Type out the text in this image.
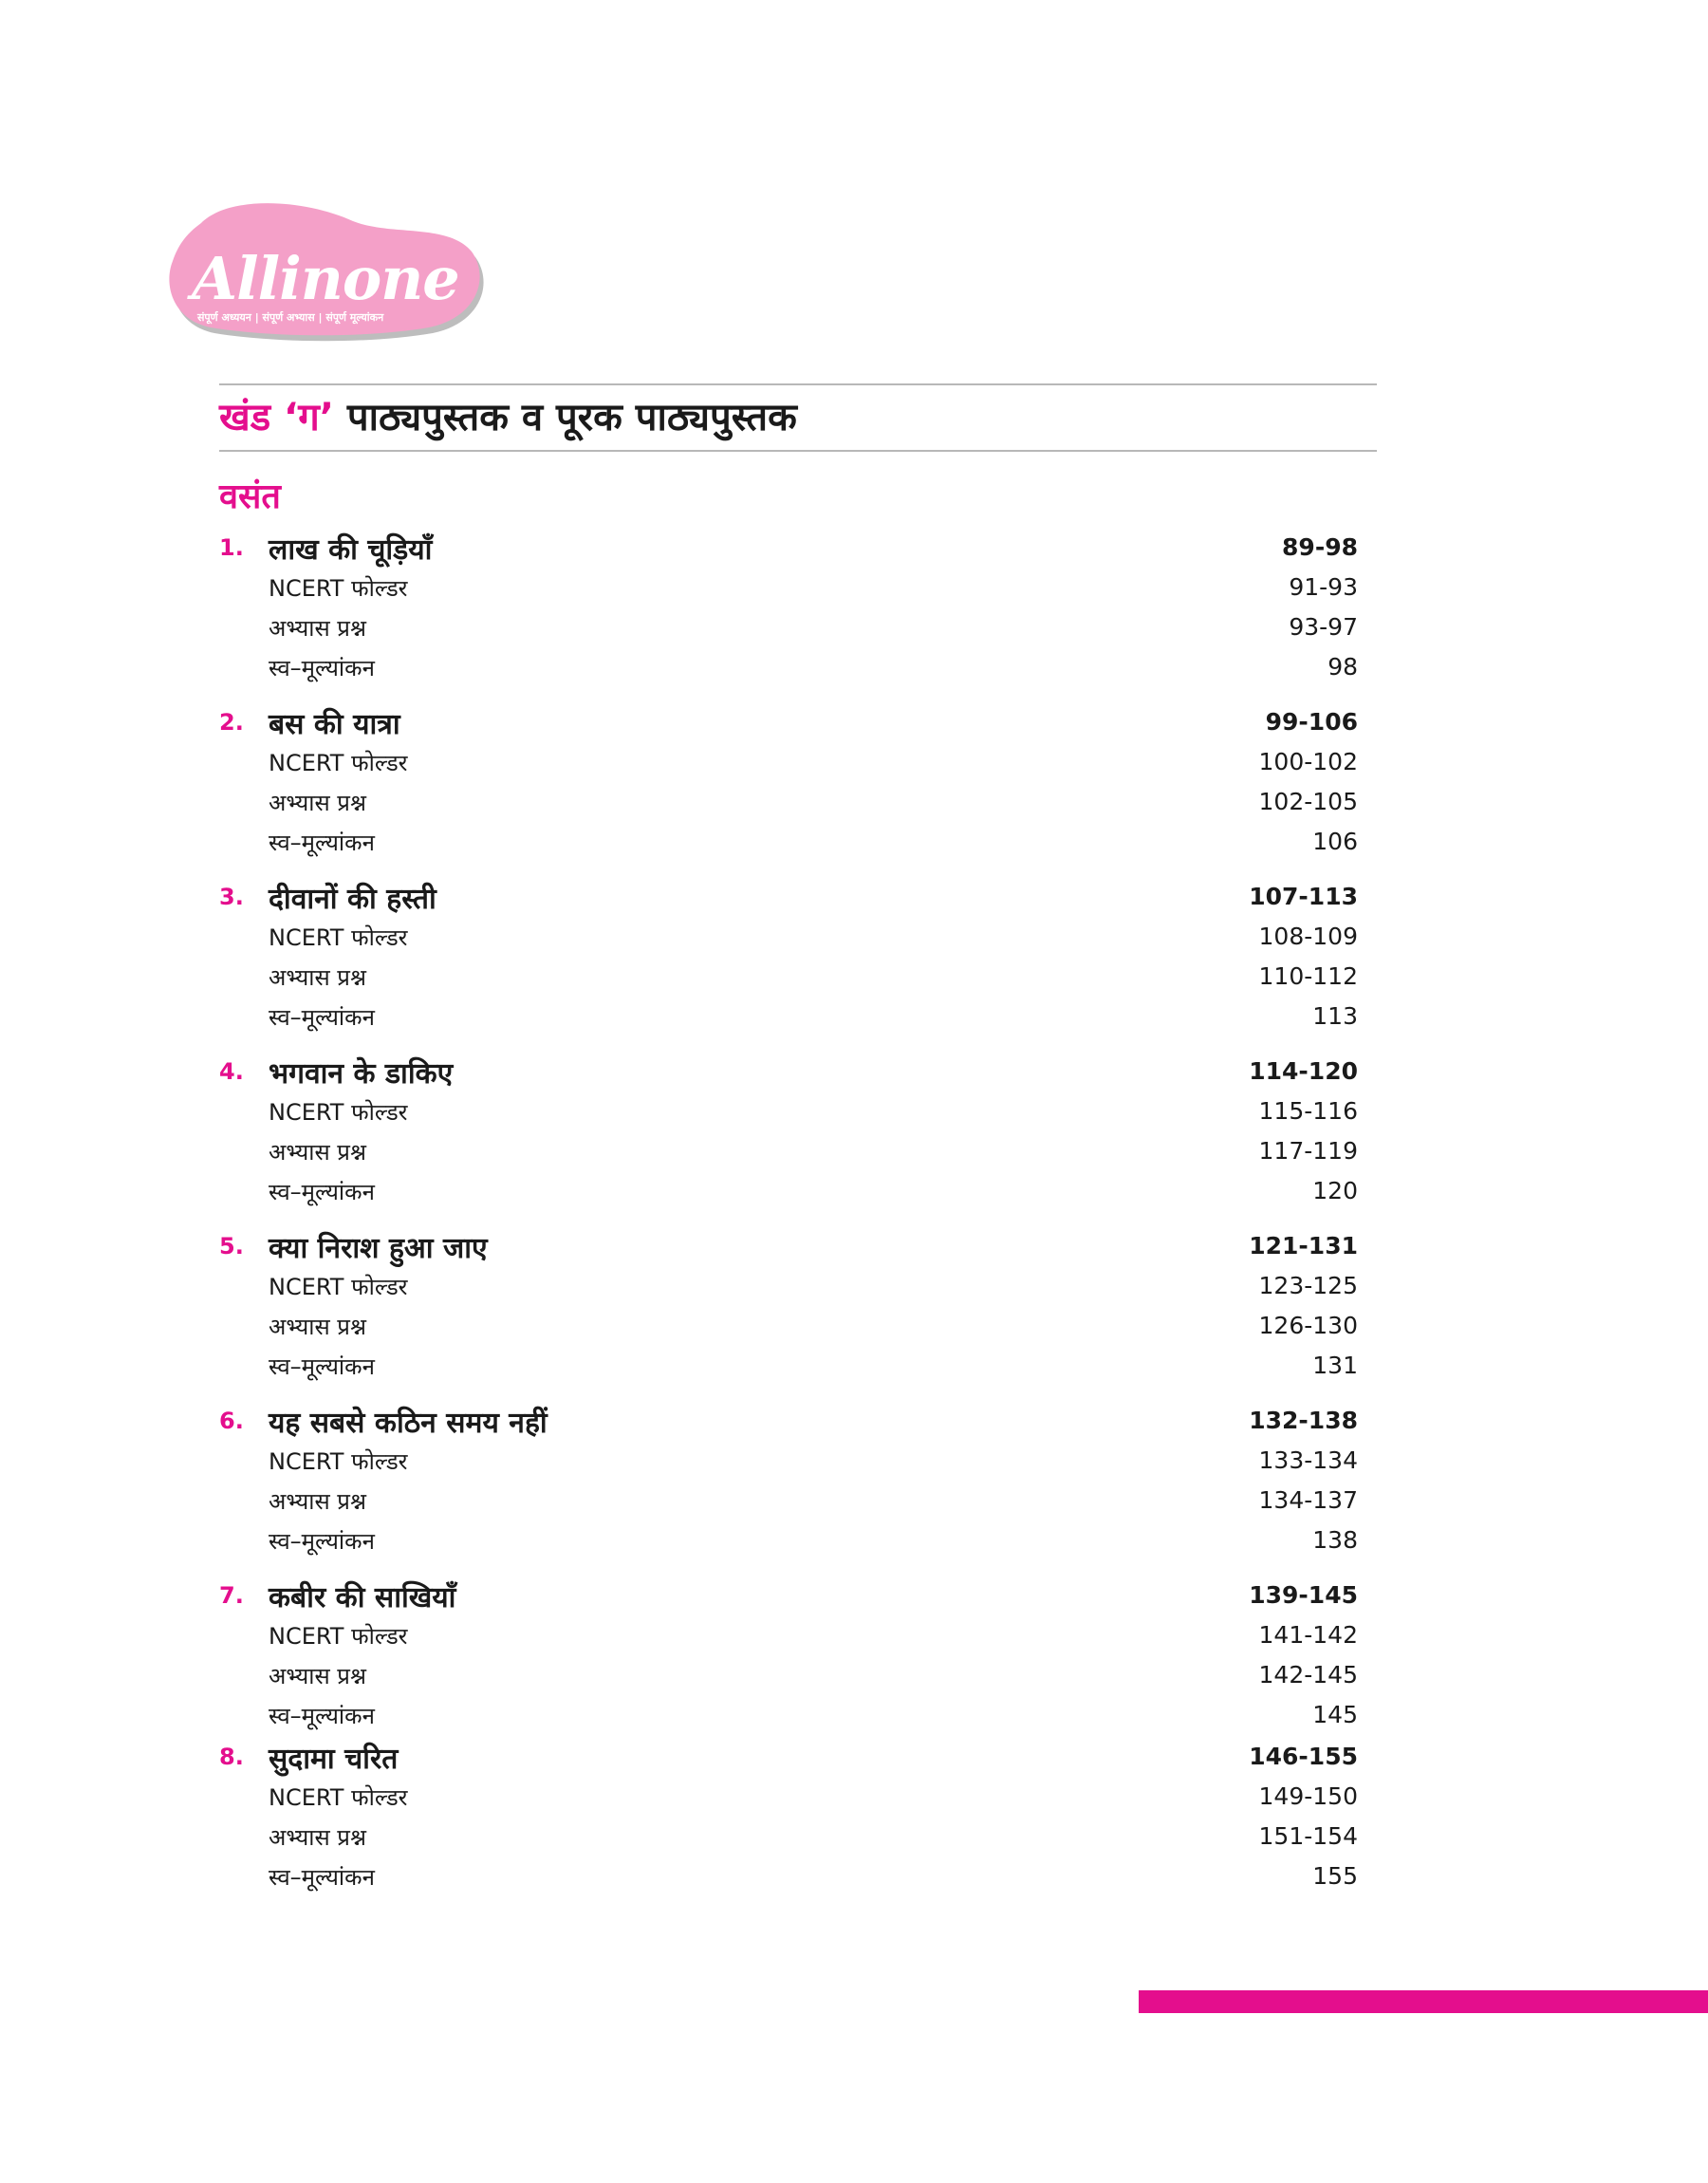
Allinone
संपूर्ण अध्ययन | संपूर्ण अभ्यास | संपूर्ण मूल्यांकन
खंड ‘ग’ पाठ्यपुस्तक व पूरक पाठ्यपुस्तक
वसंत
1. लाख की चूड़ियाँ	89-98
NCERT फोल्डर	91-93
अभ्यास प्रश्न	93-97
स्व–मूल्यांकन	98
2. बस की यात्रा	99-106
NCERT फोल्डर	100-102
अभ्यास प्रश्न	102-105
स्व–मूल्यांकन	106
3. दीवानों की हस्ती	107-113
NCERT फोल्डर	108-109
अभ्यास प्रश्न	110-112
स्व–मूल्यांकन	113
4. भगवान के डाकिए	114-120
NCERT फोल्डर	115-116
अभ्यास प्रश्न	117-119
स्व–मूल्यांकन	120
5. क्या निराश हुआ जाए	121-131
NCERT फोल्डर	123-125
अभ्यास प्रश्न	126-130
स्व–मूल्यांकन	131
6. यह सबसे कठिन समय नहीं	132-138
NCERT फोल्डर	133-134
अभ्यास प्रश्न	134-137
स्व–मूल्यांकन	138
7. कबीर की साखियाँ	139-145
NCERT फोल्डर	141-142
अभ्यास प्रश्न	142-145
स्व–मूल्यांकन	145
8. सुदामा चरित	146-155
NCERT फोल्डर	149-150
अभ्यास प्रश्न	151-154
स्व–मूल्यांकन	155
